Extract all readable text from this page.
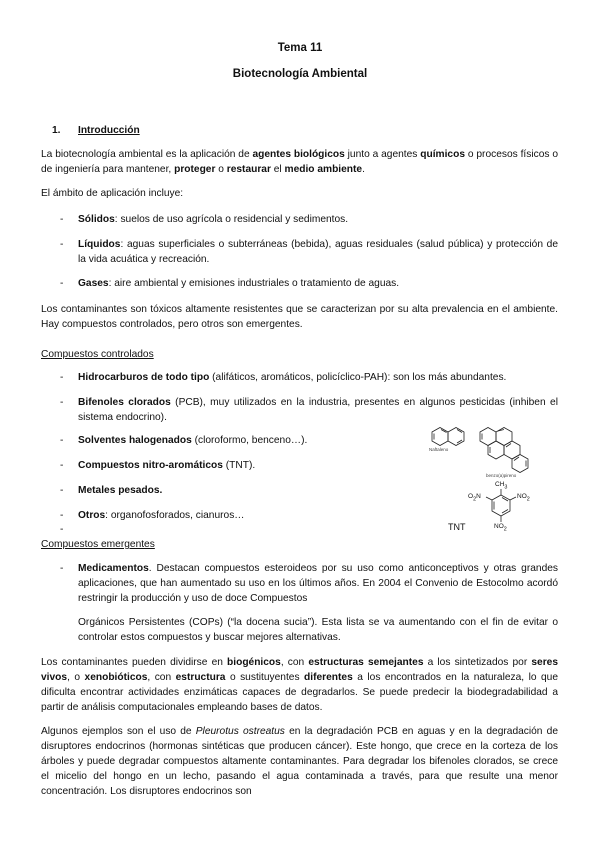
Tema 11
Biotecnología Ambiental
1. Introducción
La biotecnología ambiental es la aplicación de agentes biológicos junto a agentes químicos o procesos físicos o de ingeniería para mantener, proteger o restaurar el medio ambiente.
El ámbito de aplicación incluye:
- Sólidos: suelos de uso agrícola o residencial y sedimentos.
- Líquidos: aguas superficiales o subterráneas (bebida), aguas residuales (salud pública) y protección de la vida acuática y recreación.
- Gases: aire ambiental y emisiones industriales o tratamiento de aguas.
Los contaminantes son tóxicos altamente resistentes que se caracterizan por su alta prevalencia en el ambiente. Hay compuestos controlados, pero otros son emergentes.
Compuestos controlados
- Hidrocarburos de todo tipo (alifáticos, aromáticos, policíclico-PAH): son los más abundantes.
- Bifenoles clorados (PCB), muy utilizados en la industria, presentes en algunos pesticidas (inhiben el sistema endocrino).
- Solventes halogenados (cloroformo, benceno…).
- Compuestos nitro-aromáticos (TNT).
- Metales pesados.
- Otros: organofosforados, cianuros…
-
Naftaleno
benzo(a)pireno
$CH_3$
$O_2N$	$NO_2$
$NO_2$
TNT
Compuestos emergentes
- Medicamentos. Destacan compuestos esteroideos por su uso como anticonceptivos y otras grandes aplicaciones, que han aumentado su uso en los últimos años. En 2004 el Convenio de Estocolmo acordó restringir la producción y uso de doce Compuestos
Orgánicos Persistentes (COPs) (“la docena sucia”). Esta lista se va aumentando con el fin de evitar o controlar estos compuestos y buscar mejores alternativas.
Los contaminantes pueden dividirse en biogénicos, con estructuras semejantes a los sintetizados por seres vivos, o xenobióticos, con estructura o sustituyentes diferentes a los encontrados en la naturaleza, lo que dificulta encontrar actividades enzimáticas capaces de degradarlos. Se puede predecir la biodegradabilidad a partir de análisis computacionales empleando bases de datos.
Algunos ejemplos son el uso de Pleurotus ostreatus en la degradación PCB en aguas y en la degradación de disruptores endocrinos (hormonas sintéticas que producen cáncer). Este hongo, que crece en la corteza de los árboles y puede degradar compuestos altamente contaminantes. Para degradar los bifenoles clorados, se crece el micelio del hongo en un lecho, pasando el agua contaminada a través, para que resulte una menor concentración. Los disruptores endocrinos son
